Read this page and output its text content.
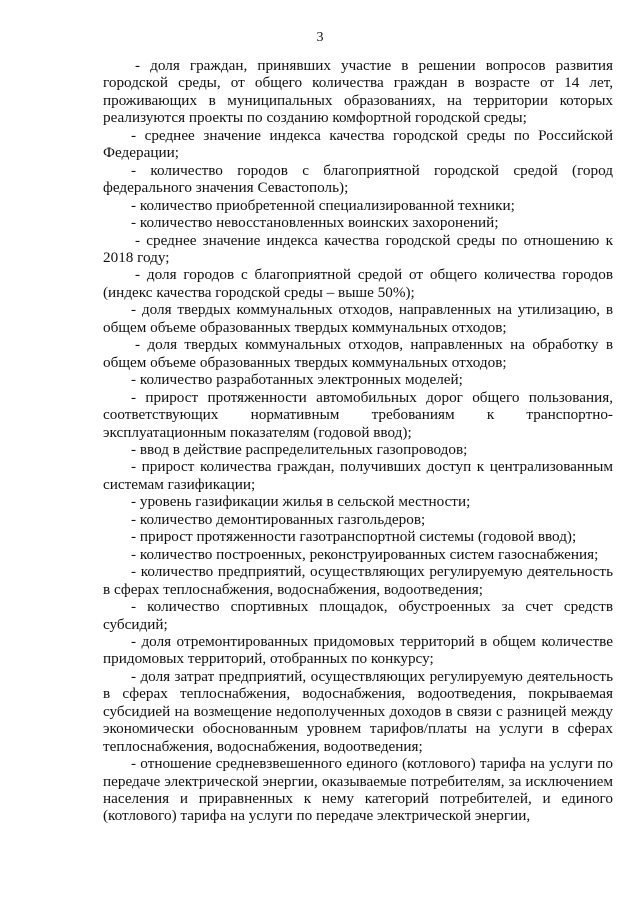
3

- доля граждан, принявших участие в решении вопросов развития городской среды, от общего количества граждан в возрасте от 14 лет, проживающих в муниципальных образованиях, на территории которых реализуются проекты по созданию комфортной городской среды;

- среднее значение индекса качества городской среды по Российской Федерации;

- количество городов с благоприятной городской средой (город федерального значения Севастополь);

- количество приобретенной специализированной техники;

- количество невосстановленных воинских захоронений;

- среднее значение индекса качества городской среды по отношению к 2018 году;

- доля городов с благоприятной средой от общего количества городов (индекс качества городской среды – выше 50%);

- доля твердых коммунальных отходов, направленных на утилизацию, в общем объеме образованных твердых коммунальных отходов;

- доля твердых коммунальных отходов, направленных на обработку в общем объеме образованных твердых коммунальных отходов;

- количество разработанных электронных моделей;

- прирост протяженности автомобильных дорог общего пользования, соответствующих нормативным требованиям к транспортно-эксплуатационным показателям (годовой ввод);

- ввод в действие распределительных газопроводов;

- прирост количества граждан, получивших доступ к централизованным системам газификации;

- уровень газификации жилья в сельской местности;

- количество демонтированных газгольдеров;

- прирост протяженности газотранспортной системы (годовой ввод);

- количество построенных, реконструированных систем газоснабжения;

- количество предприятий, осуществляющих регулируемую деятельность в сферах теплоснабжения, водоснабжения, водоотведения;

- количество спортивных площадок, обустроенных за счет средств субсидий;

- доля отремонтированных придомовых территорий в общем количестве придомовых территорий, отобранных по конкурсу;

- доля затрат предприятий, осуществляющих регулируемую деятельность в сферах теплоснабжения, водоснабжения, водоотведения, покрываемая субсидией на возмещение недополученных доходов в связи с разницей между экономически обоснованным уровнем тарифов/платы на услуги в сферах теплоснабжения, водоснабжения, водоотведения;

- отношение средневзвешенного единого (котлового) тарифа на услуги по передаче электрической энергии, оказываемые потребителям, за исключением населения и приравненных к нему категорий потребителей, и единого (котлового) тарифа на услуги по передаче электрической энергии,
